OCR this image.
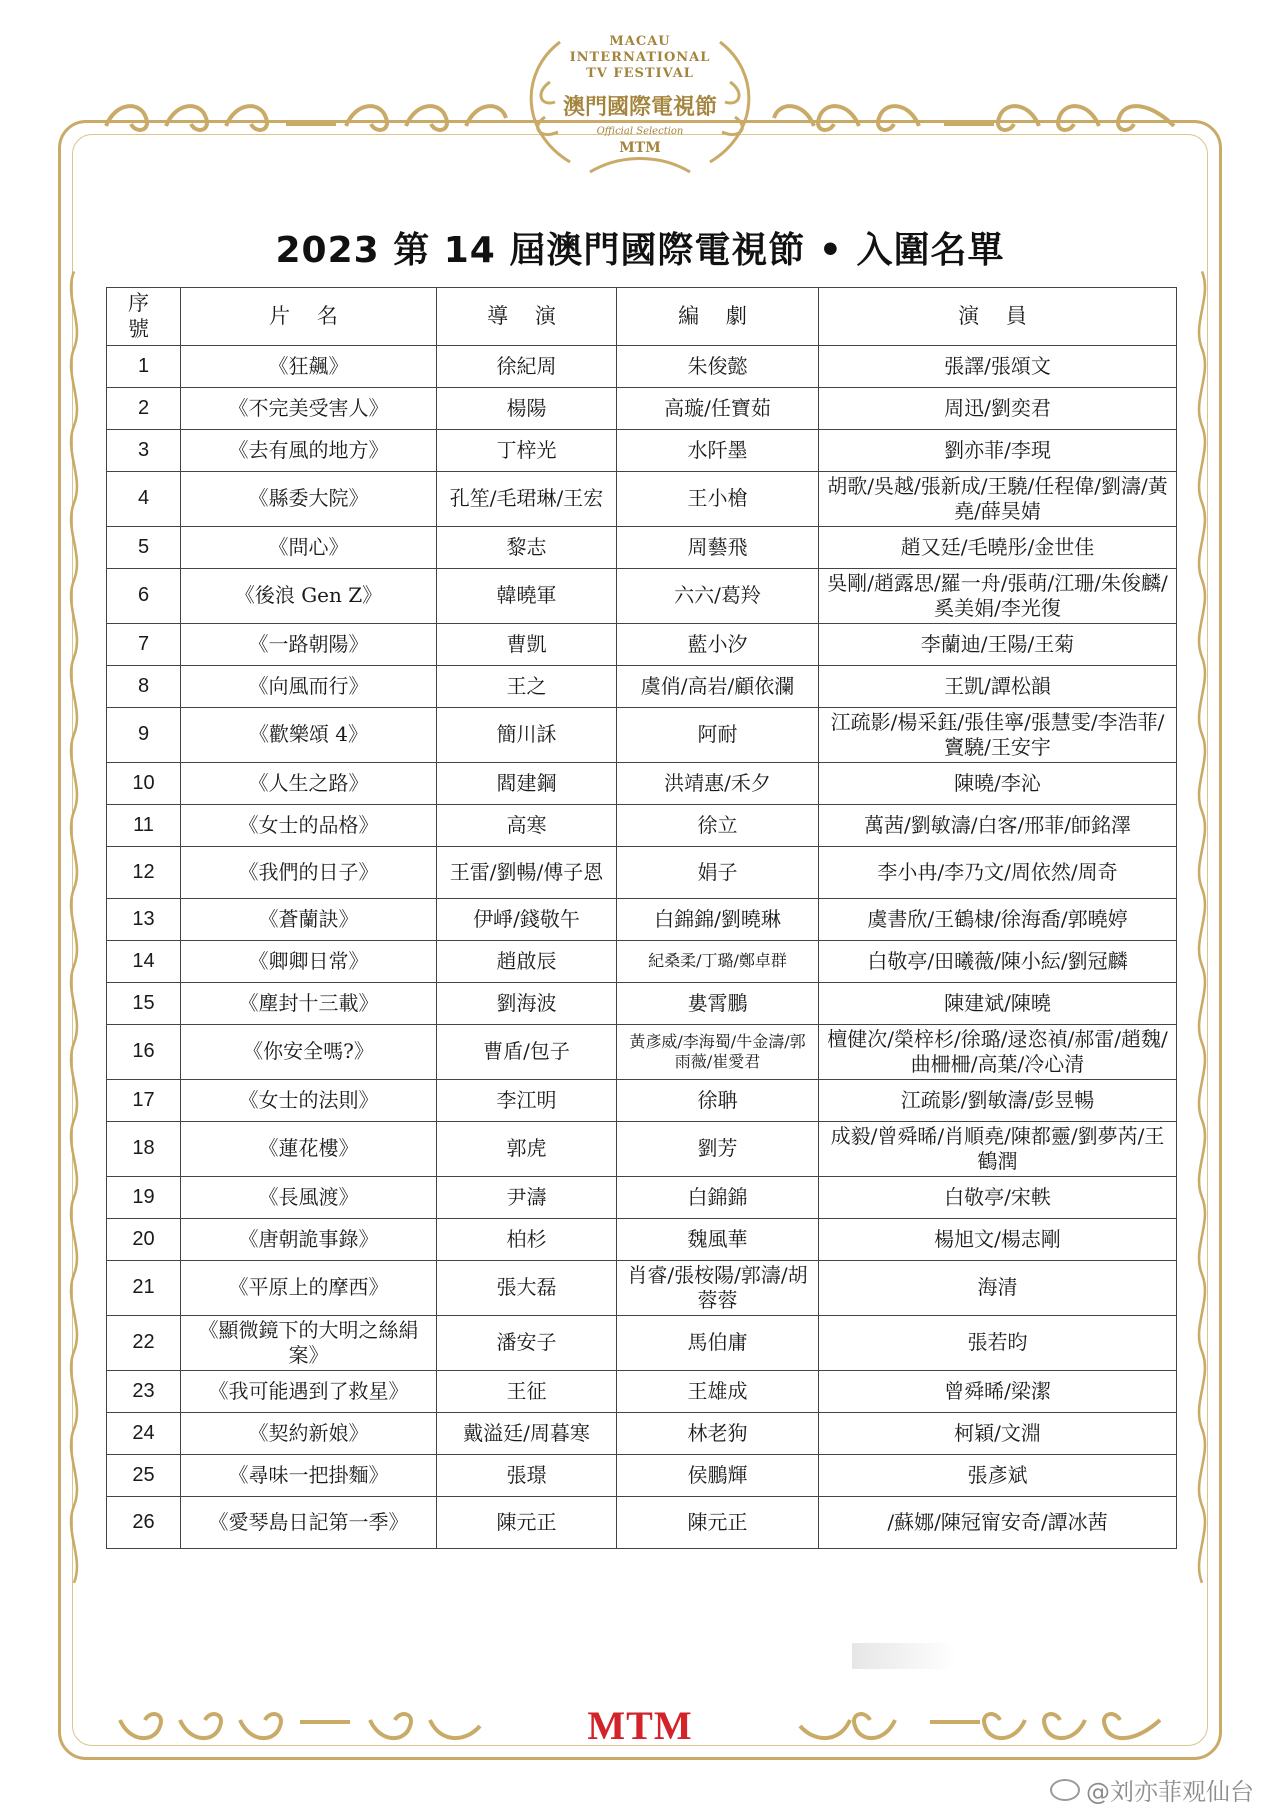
MACAU
INTERNATIONAL
TV FESTIVAL
澳門國際電視節
Official Selection
MTM
2023 第 14 屆澳門國際電視節 • 入圍名單
序號	片 名	導 演	編 劇	演 員
1	《狂飆》	徐紀周	朱俊懿	張譯/張頌文
2	《不完美受害人》	楊陽	高璇/任寶茹	周迅/劉奕君
3	《去有風的地方》	丁梓光	水阡墨	劉亦菲/李現
4	《縣委大院》	孔笙/毛珺琳/王宏	王小槍	胡歌/吳越/張新成/王驍/任程偉/劉濤/黃堯/薛昊婧
5	《問心》	黎志	周藝飛	趙又廷/毛曉彤/金世佳
6	《後浪 Gen Z》	韓曉軍	六六/葛羚	吳剛/趙露思/羅一舟/張萌/江珊/朱俊麟/奚美娟/李光復
7	《一路朝陽》	曹凱	藍小汐	李蘭迪/王陽/王菊
8	《向風而行》	王之	虞俏/高岩/顧依瀾	王凱/譚松韻
9	《歡樂頌 4》	簡川訸	阿耐	江疏影/楊采鈺/張佳寧/張慧雯/李浩菲/竇驍/王安宇
10	《人生之路》	閻建鋼	洪靖惠/禾夕	陳曉/李沁
11	《女士的品格》	高寒	徐立	萬茜/劉敏濤/白客/邢菲/師銘澤
12	《我們的日子》	王雷/劉暢/傅子恩	娟子	李小冉/李乃文/周依然/周奇
13	《蒼蘭訣》	伊崢/錢敬午	白錦錦/劉曉琳	虞書欣/王鶴棣/徐海喬/郭曉婷
14	《卿卿日常》	趙啟辰	紀桑柔/丁璐/鄭卓群	白敬亭/田曦薇/陳小紜/劉冠麟
15	《塵封十三載》	劉海波	婁霄鵬	陳建斌/陳曉
16	《你安全嗎?》	曹盾/包子	黃彥威/李海蜀/牛金濤/郭雨薇/崔愛君	檀健次/榮梓杉/徐璐/逯恣禎/郝雷/趙魏/曲柵柵/高葉/冷心清
17	《女士的法則》	李江明	徐聃	江疏影/劉敏濤/彭昱暢
18	《蓮花樓》	郭虎	劉芳	成毅/曾舜晞/肖順堯/陳都靈/劉夢芮/王鶴潤
19	《長風渡》	尹濤	白錦錦	白敬亭/宋軼
20	《唐朝詭事錄》	柏杉	魏風華	楊旭文/楊志剛
21	《平原上的摩西》	張大磊	肖睿/張桉陽/郭濤/胡蓉蓉	海清
22	《顯微鏡下的大明之絲絹案》	潘安子	馬伯庸	張若昀
23	《我可能遇到了救星》	王征	王雄成	曾舜晞/梁潔
24	《契約新娘》	戴溢廷/周暮寒	林老狗	柯穎/文淵
25	《尋味一把掛麵》	張璟	侯鵬輝	張彥斌
26	《愛琴島日記第一季》	陳元正	陳元正	/蘇娜/陳冠甯安奇/譚冰茜
MTM
@刘亦菲观仙台
